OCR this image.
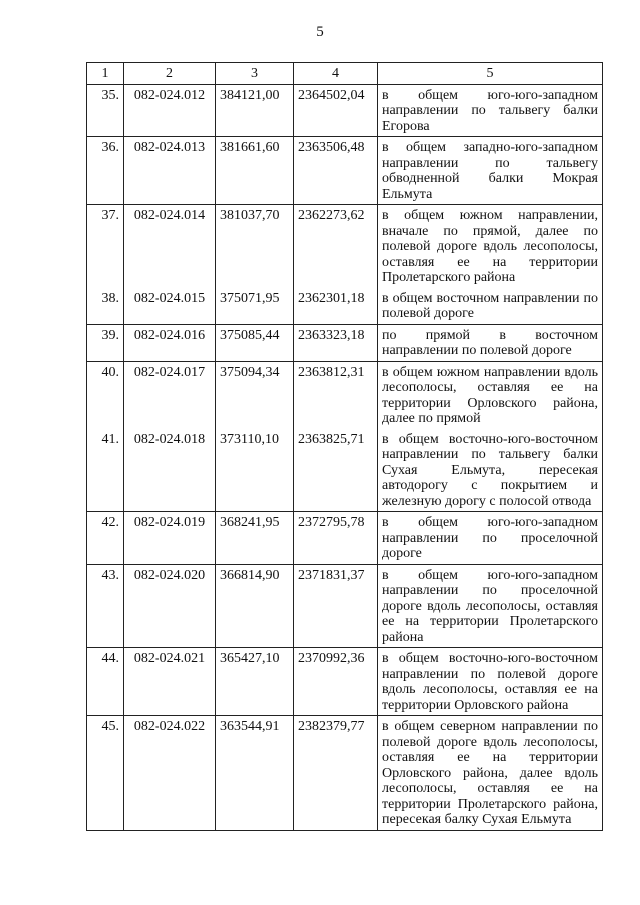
5
1	2	3	4	5
35.	082-024.012	384121,00	2364502,04	в общем юго-юго-западном направлении по тальвегу балки Егорова
36.	082-024.013	381661,60	2363506,48	в общем западно-юго-западном направлении по тальвегу обводненной балки Мокрая Ельмута
37.	082-024.014	381037,70	2362273,62	в общем южном направлении, вначале по прямой, далее по полевой дороге вдоль лесополосы, оставляя ее на территории Пролетарского района
38.	082-024.015	375071,95	2362301,18	в общем восточном направлении по полевой дороге
39.	082-024.016	375085,44	2363323,18	по прямой в восточном направлении по полевой дороге
40.	082-024.017	375094,34	2363812,31	в общем южном направлении вдоль лесополосы, оставляя ее на территории Орловского района, далее по прямой
41.	082-024.018	373110,10	2363825,71	в общем восточно-юго-восточном направлении по тальвегу балки Сухая Ельмута, пересекая автодорогу с покрытием и железную дорогу с полосой отвода
42.	082-024.019	368241,95	2372795,78	в общем юго-юго-западном направлении по проселочной дороге
43.	082-024.020	366814,90	2371831,37	в общем юго-юго-западном направлении по проселочной дороге вдоль лесополосы, оставляя ее на территории Пролетарского района
44.	082-024.021	365427,10	2370992,36	в общем восточно-юго-восточном направлении по полевой дороге вдоль лесополосы, оставляя ее на территории Орловского района
45.	082-024.022	363544,91	2382379,77	в общем северном направлении по полевой дороге вдоль лесополосы, оставляя ее на территории Орловского района, далее вдоль лесополосы, оставляя ее на территории Пролетарского района, пересекая балку Сухая Ельмута
